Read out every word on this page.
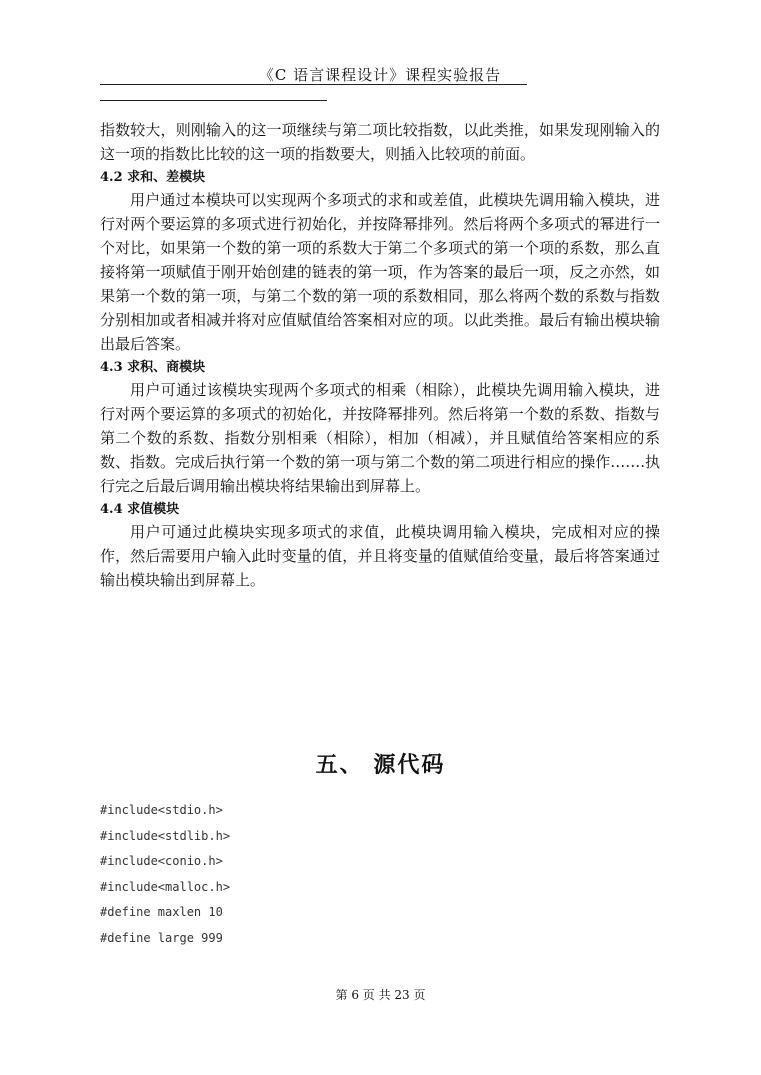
《C 语言课程设计》课程实验报告

指数较大，则刚输入的这一项继续与第二项比较指数，以此类推，如果发现刚输入的这一项的指数比比较的这一项的指数要大，则插入比较项的前面。

4.2 求和、差模块

用户通过本模块可以实现两个多项式的求和或差值，此模块先调用输入模块，进行对两个要运算的多项式进行初始化，并按降幂排列。然后将两个多项式的幂进行一个对比，如果第一个数的第一项的系数大于第二个多项式的第一个项的系数，那么直接将第一项赋值于刚开始创建的链表的第一项，作为答案的最后一项，反之亦然，如果第一个数的第一项，与第二个数的第一项的系数相同，那么将两个数的系数与指数分别相加或者相减并将对应值赋值给答案相对应的项。以此类推。最后有输出模块输出最后答案。

4.3 求积、商模块

用户可通过该模块实现两个多项式的相乘（相除），此模块先调用输入模块，进行对两个要运算的多项式的初始化，并按降幂排列。然后将第一个数的系数、指数与第二个数的系数、指数分别相乘（相除），相加（相减），并且赋值给答案相应的系数、指数。完成后执行第一个数的第一项与第二个数的第二项进行相应的操作…….执行完之后最后调用输出模块将结果输出到屏幕上。

4.4 求值模块

用户可通过此模块实现多项式的求值，此模块调用输入模块，完成相对应的操作，然后需要用户输入此时变量的值，并且将变量的值赋值给变量，最后将答案通过输出模块输出到屏幕上。

五、 源代码
#include<stdio.h>
#include<stdlib.h>
#include<conio.h>
#include<malloc.h>
#define maxlen 10
#define large 999
第 6 页 共 23 页
